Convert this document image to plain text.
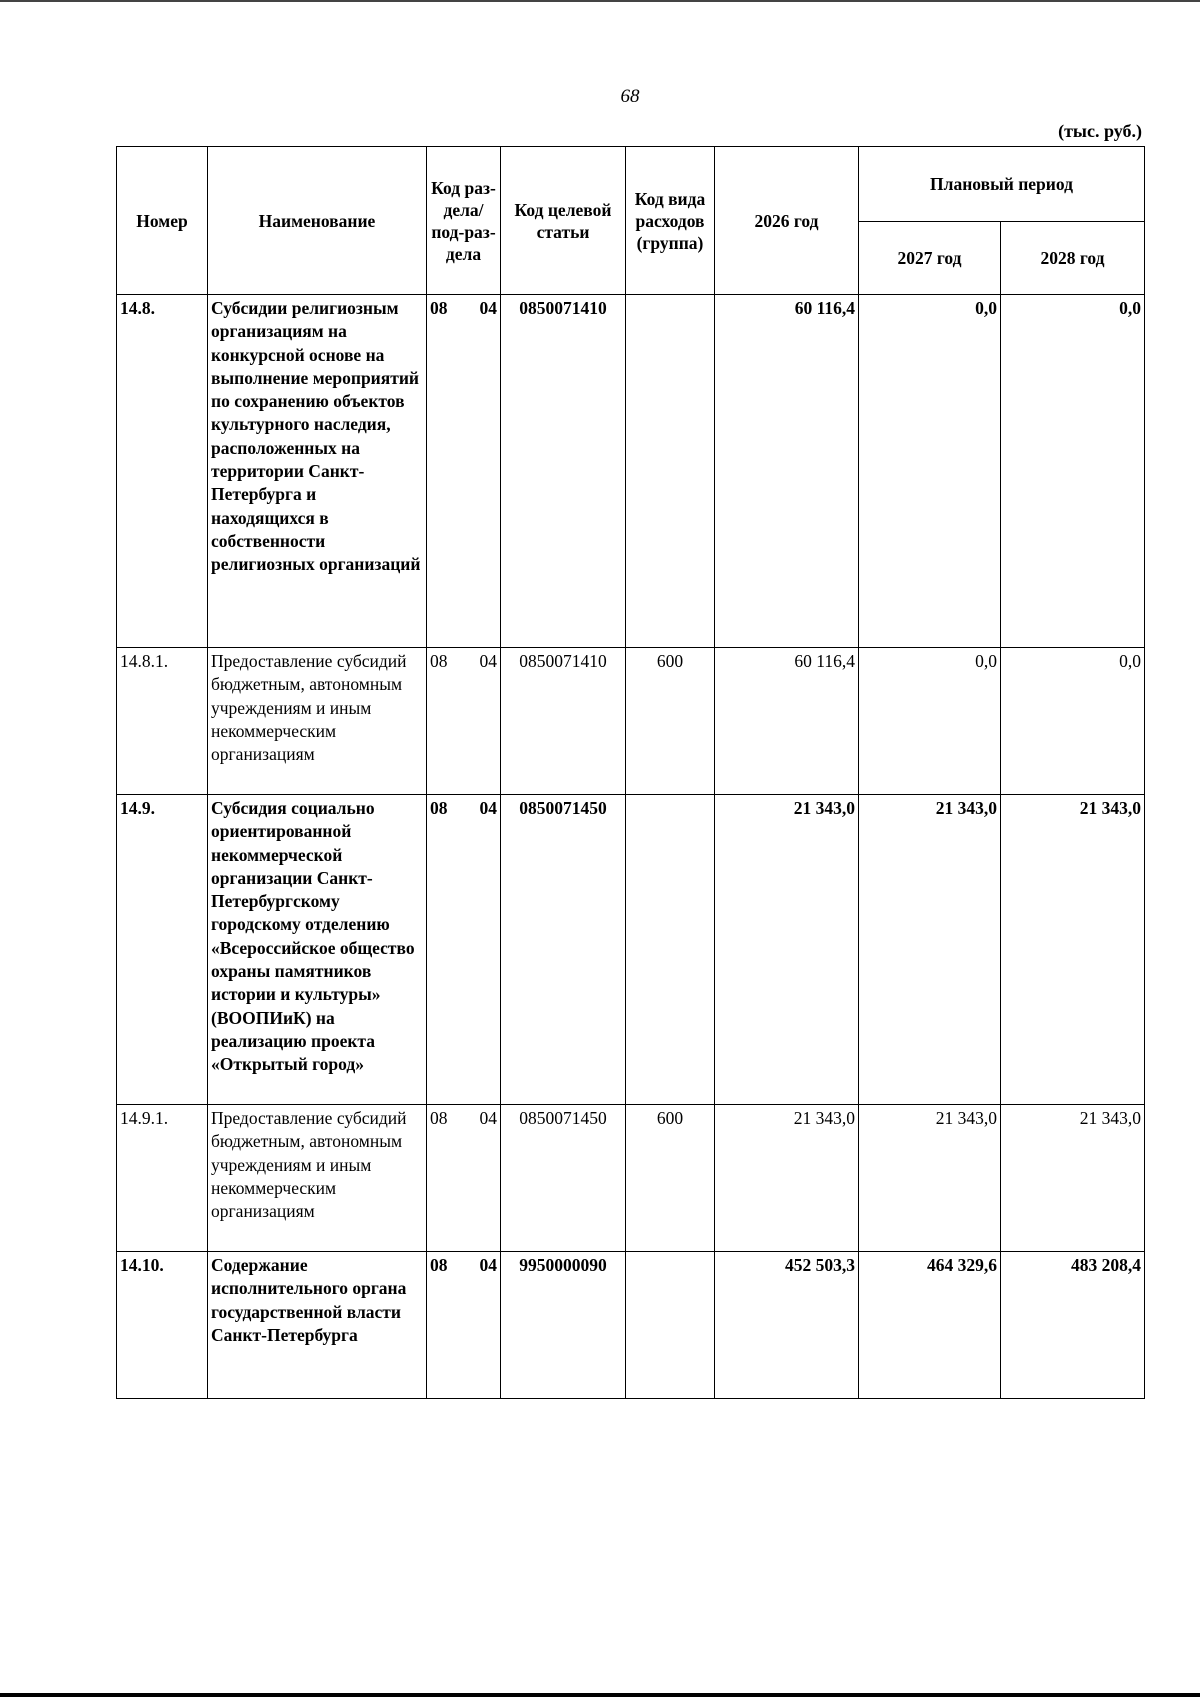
68
(тыс. руб.)
Номер	Наименование	Код раз-дела/ под-раз-дела	Код целевой статьи	Код вида расходов (группа)	2026 год	Плановый период	
						2027 год	2028 год
14.8.	Субсидии религиозным организациям на конкурсной основе на выполнение мероприятий по сохранению объектов культурного наследия, расположенных на территории Санкт-Петербурга и находящихся в собственности религиозных организаций	08 04	0850071410		60 116,4	0,0	0,0
14.8.1.	Предоставление субсидий бюджетным, автономным учреждениям и иным некоммерческим организациям	08 04	0850071410	600	60 116,4	0,0	0,0
14.9.	Субсидия социально ориентированной некоммерческой организации Санкт-Петербургскому городскому отделению «Всероссийское общество охраны памятников истории и культуры» (ВООПИиК) на реализацию проекта «Открытый город»	08 04	0850071450		21 343,0	21 343,0	21 343,0
14.9.1.	Предоставление субсидий бюджетным, автономным учреждениям и иным некоммерческим организациям	08 04	0850071450	600	21 343,0	21 343,0	21 343,0
14.10.	Содержание исполнительного органа государственной власти Санкт-Петербурга	08 04	9950000090		452 503,3	464 329,6	483 208,4
